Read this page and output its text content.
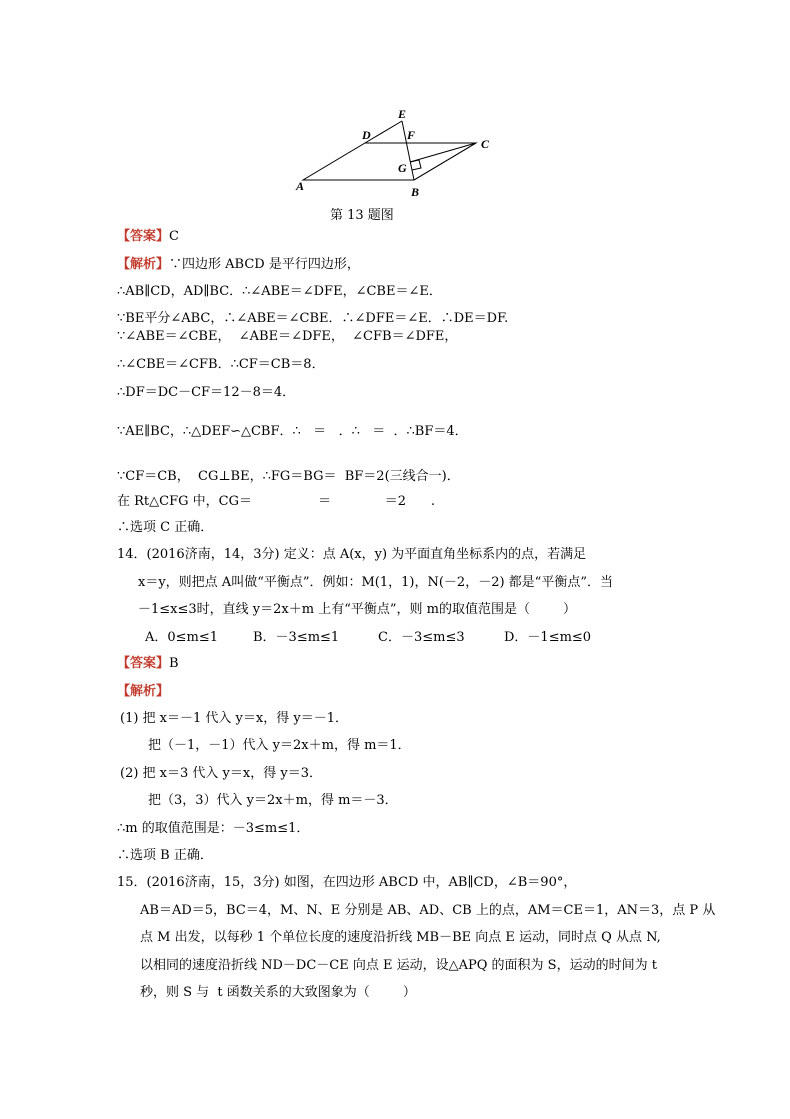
E
D	F
C
G
A	B
第 13 题图
【答案】C
【解析】∵四边形 ABCD 是平行四边形，
∴AB∥CD，AD∥BC．∴∠ABE＝∠DFE，∠CBE＝∠E．
∵BE平分∠ABC，∴∠ABE＝∠CBE．∴∠DFE＝∠E．∴DE＝DF.
∵∠ABE＝∠CBE，  ∠ABE＝∠DFE，  ∠CFB＝∠DFE，
∴∠CBE＝∠CFB．∴CF＝CB＝8．
∴DF＝DC－CF＝12－8＝4．
∵AE∥BC，∴△DEF∽△CBF．∴   ＝   ．∴   ＝  ．∴BF＝4．
∵CF＝CB，  CG⊥BE，∴FG＝BG＝  BF＝2(三线合一)．
在 Rt△CFG 中，CG＝                ＝             ＝2      .
∴选项 C 正确．
14．(2016济南，14，3分) 定义：点 A(x，y) 为平面直角坐标系内的点，若满足
x＝y，则把点 A叫做“平衡点”．例如：M(1，1)，N(－2，－2) 都是“平衡点”．当
－1≤x≤3时，直线 y＝2x＋m 上有“平衡点”，则 m的取值范围是（        ）
A．0≤m≤1	B．－3≤m≤1	C．－3≤m≤3	D．－1≤m≤0
【答案】B
【解析】
(1) 把 x＝－1 代入 y＝x，得 y＝－1．
把（－1，－1）代入 y＝2x＋m，得 m＝1．
(2) 把 x＝3 代入 y＝x，得 y＝3．
把（3，3）代入 y＝2x＋m，得 m＝－3．
∴m 的取值范围是：－3≤m≤1．
∴选项 B 正确．
15．(2016济南，15，3分) 如图，在四边形 ABCD 中，AB∥CD，∠B＝90°，
AB＝AD＝5，BC＝4，M、N、E 分别是 AB、AD、CB 上的点，AM＝CE＝1，AN＝3，点 P 从
点 M 出发，以每秒 1 个单位长度的速度沿折线 MB－BE 向点 E 运动，同时点 Q 从点 N,
以相同的速度沿折线 ND－DC－CE 向点 E 运动，设△APQ 的面积为 S，运动的时间为 t
秒，则 S 与  t 函数关系的大致图象为（        ）
